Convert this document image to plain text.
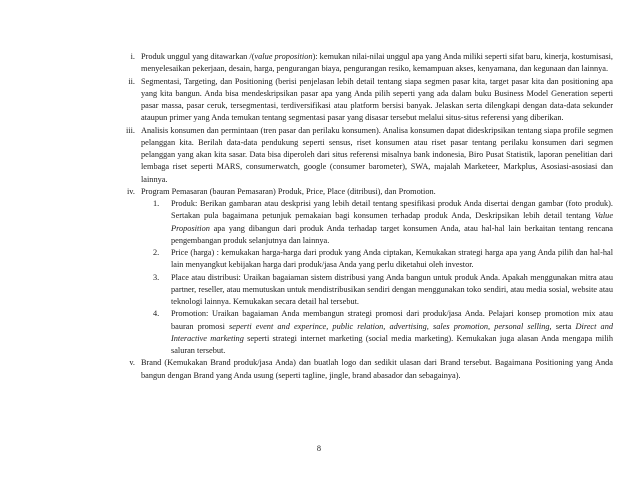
i. Produk unggul yang ditawarkan /(value proposition): kemukan nilai-nilai unggul apa yang Anda miliki seperti sifat baru, kinerja, kostumisasi, menyelesaikan pekerjaan, desain, harga, pengurangan biaya, pengurangan resiko, kemampuan akses, kenyamana, dan kegunaan dan lainnya.
ii. Segmentasi, Targeting, dan Positioning (berisi penjelasan lebih detail tentang siapa segmen pasar kita, target pasar kita dan positioning apa yang kita bangun. Anda bisa mendeskripsikan pasar apa yang Anda pilih seperti yang ada dalam buku Business Model Generation seperti pasar massa, pasar ceruk, tersegmentasi, terdiversifikasi atau platform bersisi banyak. Jelaskan serta dilengkapi dengan data-data sekunder ataupun primer yang Anda temukan tentang segmentasi pasar yang disasar tersebut melalui situs-situs referensi yang diberikan.
iii. Analisis konsumen dan permintaan (tren pasar dan perilaku konsumen). Analisa konsumen dapat dideskripsikan tentang siapa profile segmen pelanggan kita. Berilah data-data pendukung seperti sensus, riset konsumen atau riset pasar tentang perilaku konsumen dari segmen pelanggan yang akan kita sasar. Data bisa diperoleh dari situs referensi misalnya bank indonesia, Biro Pusat Statistik, laporan penelitian dari lembaga riset seperti MARS, consumerwatch, google (consumer barometer), SWA, majalah Marketeer, Markplus, Asosiasi-asosiasi dan lainnya.
iv. Program Pemasaran (bauran Pemasaran) Produk, Price, Place (ditribusi), dan Promotion.
1.	Produk: Berikan gambaran atau deskprisi yang lebih detail tentang spesifikasi produk Anda disertai dengan gambar (foto produk). Sertakan pula bagaimana petunjuk pemakaian bagi konsumen terhadap produk Anda, Deskripsikan lebih detail tentang Value Proposition apa yang dibangun dari produk Anda terhadap target konsumen Anda, atau hal-hal lain berkaitan tentang rencana pengembangan produk selanjutnya dan lainnya.
2.	Price (harga) : kemukakan harga-harga dari produk yang Anda ciptakan, Kemukakan strategi harga apa yang Anda pilih dan hal-hal lain menyangkut kebijakan harga dari produk/jasa Anda yang perlu diketahui oleh investor.
3.	Place atau distribusi: Uraikan bagaiaman sistem distribusi yang Anda bangun untuk produk Anda. Apakah menggunakan mitra atau partner, reseller, atau memutuskan untuk mendistribusikan sendiri dengan menggunakan toko sendiri, atau media sosial, website atau teknologi lainnya. Kemukakan secara detail hal tersebut.
4.	Promotion: Uraikan bagaiaman Anda membangun strategi promosi dari produk/jasa Anda. Pelajari konsep promotion mix atau bauran promosi seperti event and experince, public relation, advertising, sales promotion, personal selling, serta Direct and Interactive marketing seperti strategi internet marketing (social media marketing). Kemukakan juga alasan Anda mengapa milih saluran tersebut.
v. Brand (Kemukakan Brand produk/jasa Anda) dan buatlah logo dan sedikit ulasan dari Brand tersebut. Bagaimana Positioning yang Anda bangun dengan Brand yang Anda usung (seperti tagline, jingle, brand abasador dan sebagainya).
8
